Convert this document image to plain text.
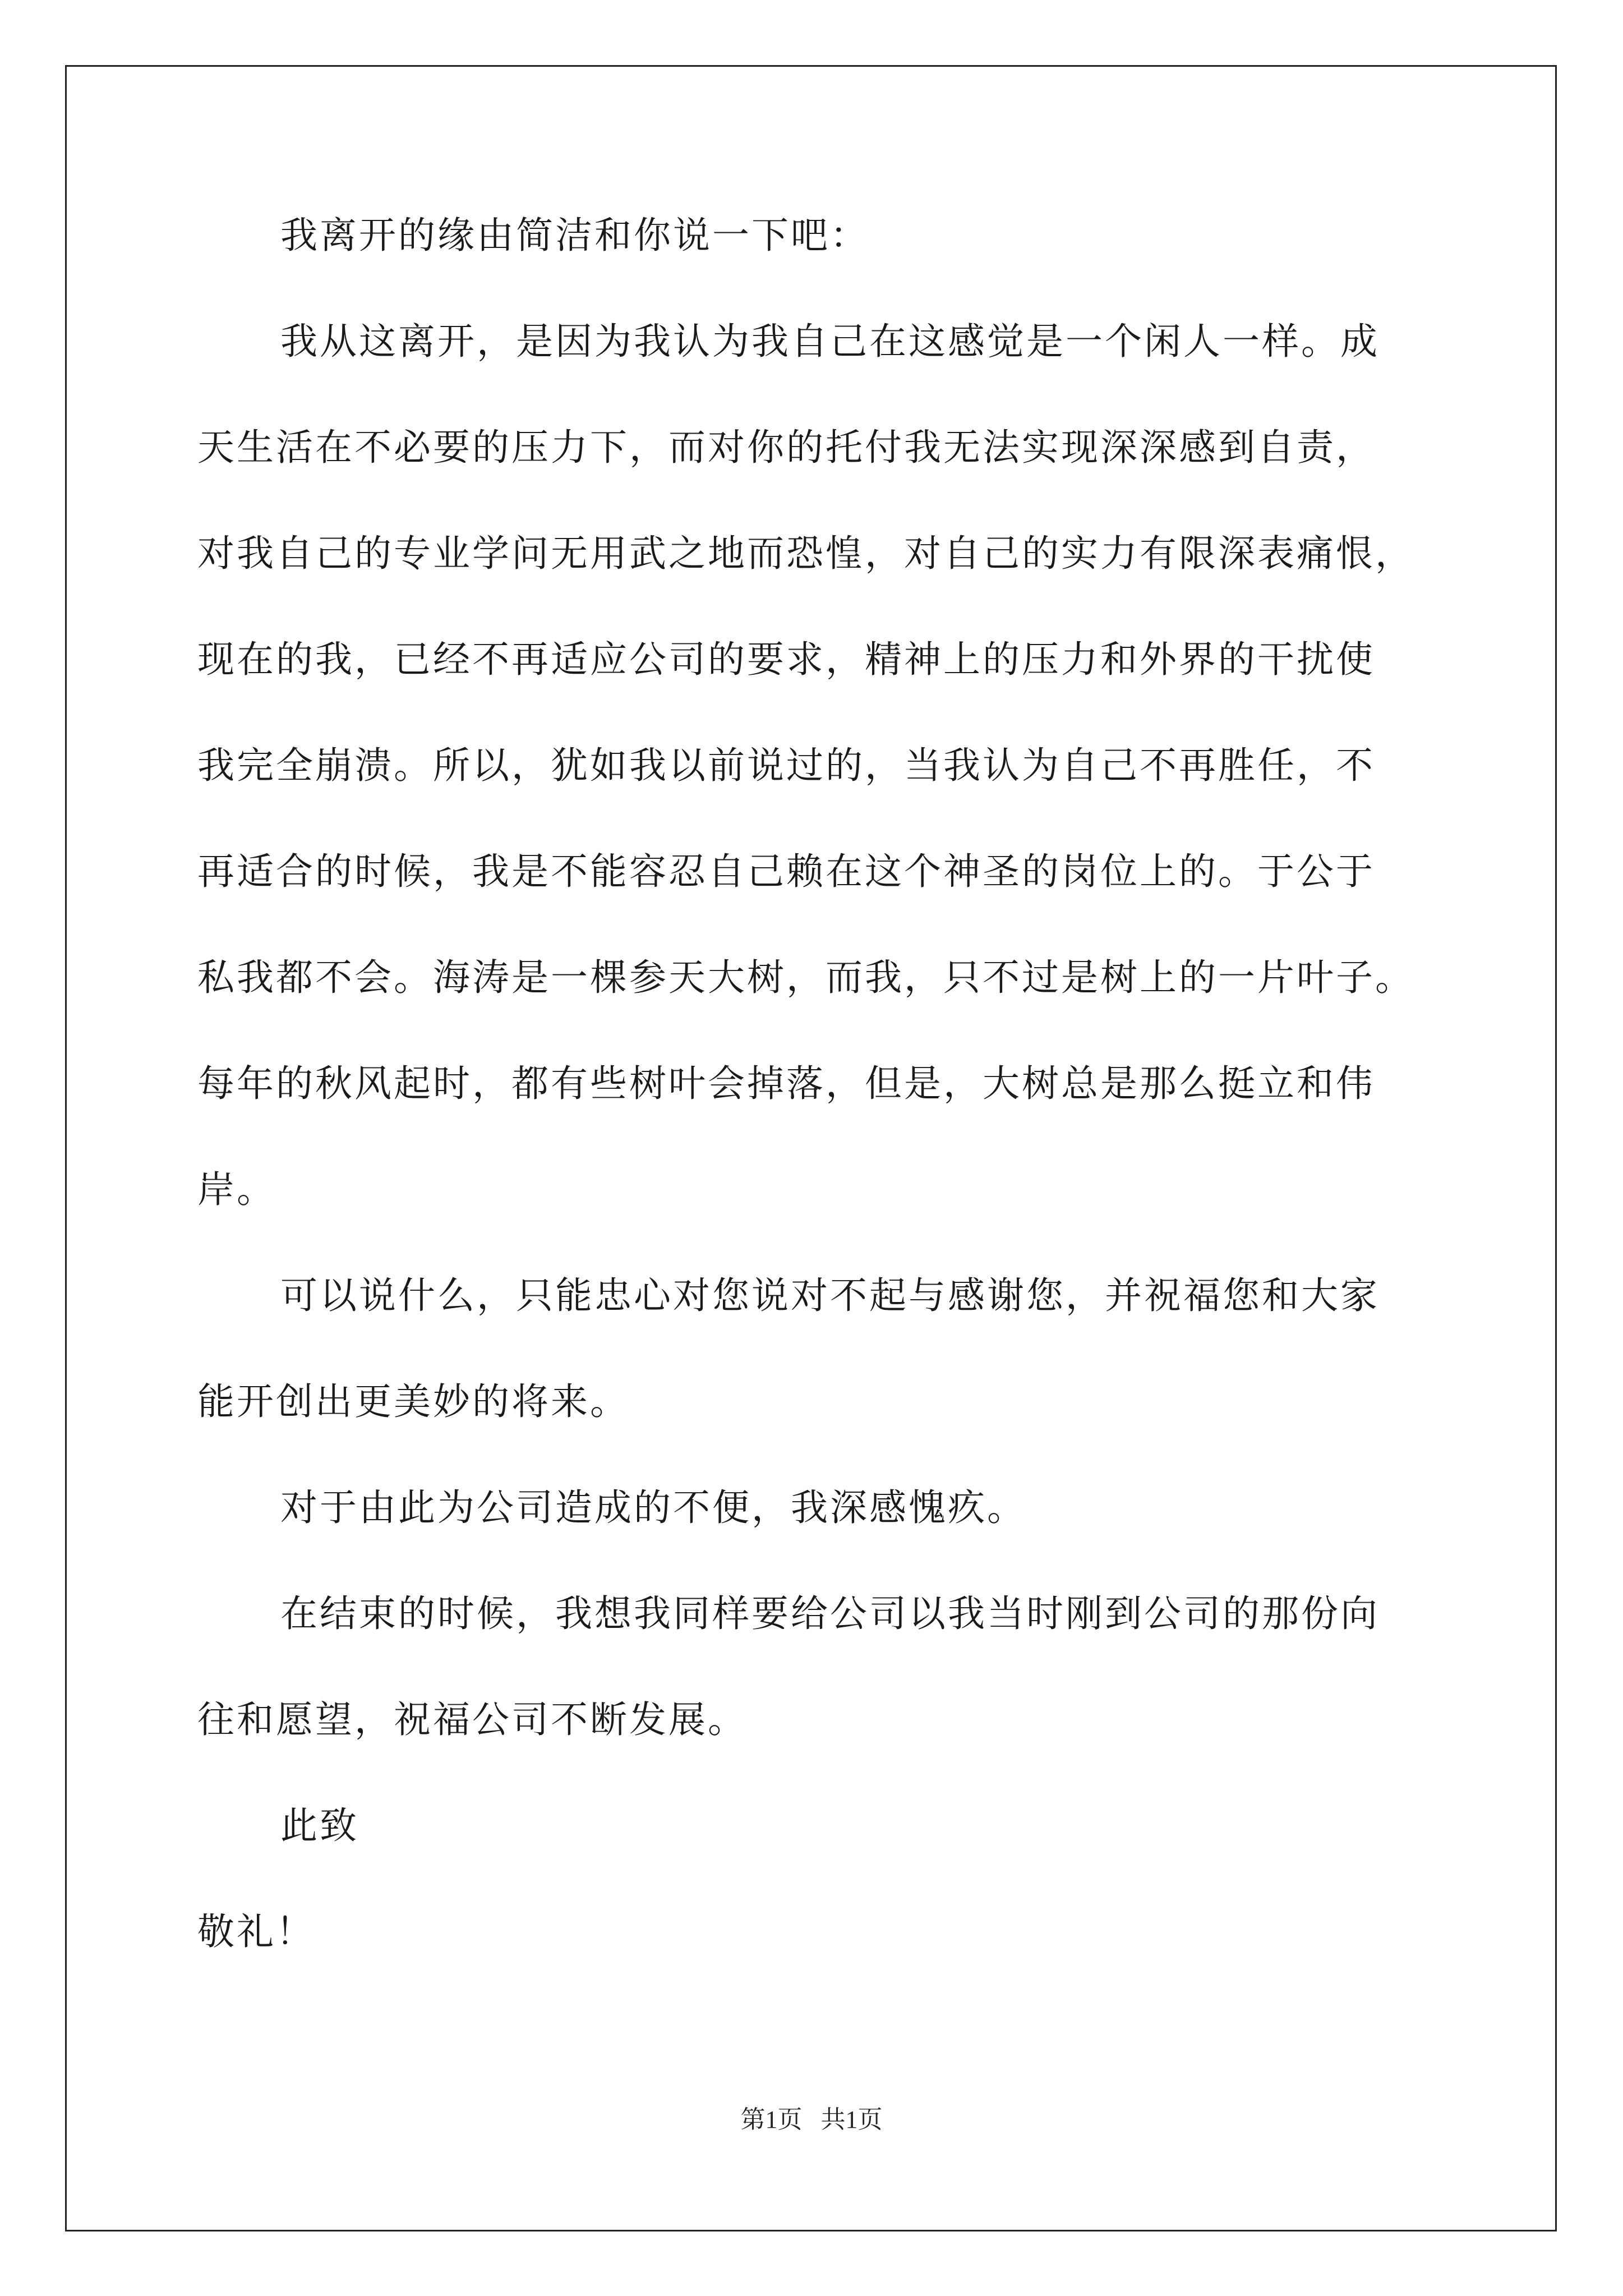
我离开的缘由简洁和你说一下吧：
我从这离开，是因为我认为我自己在这感觉是一个闲人一样。成
天生活在不必要的压力下，而对你的托付我无法实现深深感到自责，
对我自己的专业学问无用武之地而恐惶，对自己的实力有限深表痛恨，
现在的我，已经不再适应公司的要求，精神上的压力和外界的干扰使
我完全崩溃。所以，犹如我以前说过的，当我认为自己不再胜任，不
再适合的时候，我是不能容忍自己赖在这个神圣的岗位上的。于公于
私我都不会。海涛是一棵参天大树，而我，只不过是树上的一片叶子。
每年的秋风起时，都有些树叶会掉落，但是，大树总是那么挺立和伟
岸。
可以说什么，只能忠心对您说对不起与感谢您，并祝福您和大家
能开创出更美妙的将来。
对于由此为公司造成的不便，我深感愧疚。
在结束的时候，我想我同样要给公司以我当时刚到公司的那份向
往和愿望，祝福公司不断发展。
此致
敬礼！
第1页   共1页
